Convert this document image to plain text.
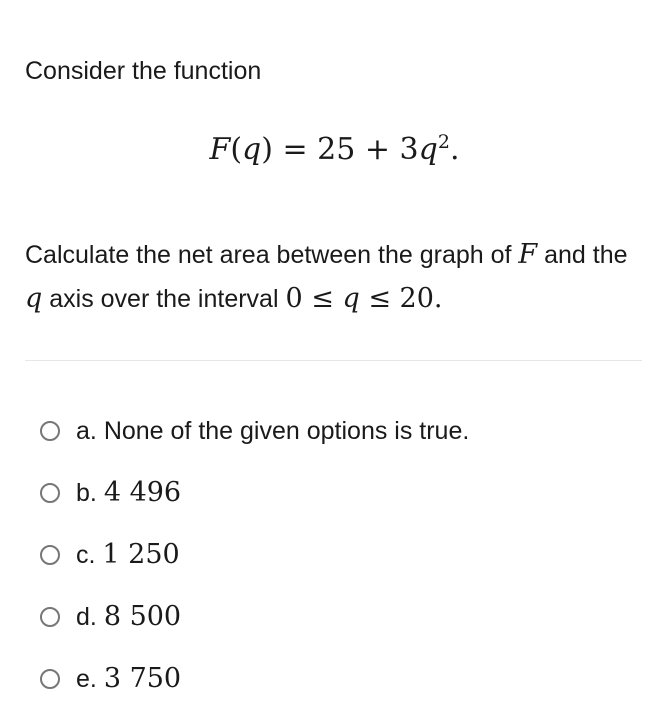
Consider the function

$F(q) = 25 + 3q^2$.

Calculate the net area between the graph of F and the q axis over the interval 0 ≤ q ≤ 20.

a. None of the given options is true.
b. 4 496
c. 1 250
d. 8 500
e. 3 750
